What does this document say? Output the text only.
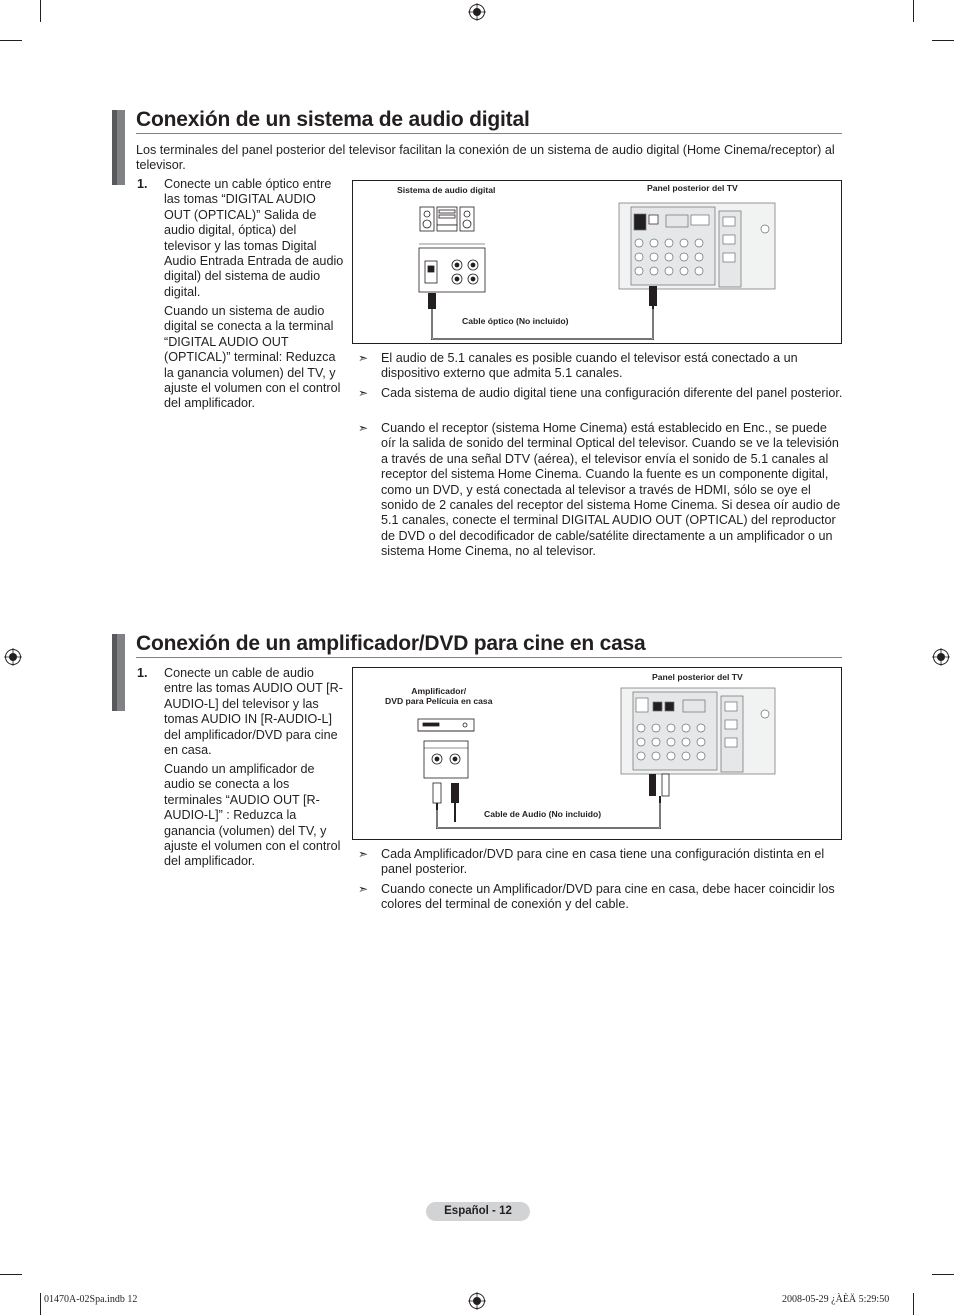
Conexión de un sistema de audio digital
Los terminales del panel posterior del televisor facilitan la conexión de un sistema de audio digital (Home Cinema/receptor) al televisor.
1. Conecte un cable óptico entre las tomas “DIGITAL AUDIO OUT (OPTICAL)” Salida de audio digital, óptica) del televisor y las tomas Digital Audio Entrada Entrada de audio digital) del sistema de audio digital.
Cuando un sistema de audio digital se conecta a la terminal “DIGITAL AUDIO OUT (OPTICAL)” terminal: Reduzca la ganancia volumen) del TV, y ajuste el volumen con el control del amplificador.
Sistema de audio digital	Panel posterior del TV
Cable óptico (No incluido)
➣ El audio de 5.1 canales es posible cuando el televisor está conectado a un dispositivo externo que admita 5.1 canales.
➣ Cada sistema de audio digital tiene una configuración diferente del panel posterior.
➣ Cuando el receptor (sistema Home Cinema) está establecido en Enc., se puede oír la salida de sonido del terminal Optical del televisor. Cuando se ve la televisión a través de una señal DTV (aérea), el televisor envía el sonido de 5.1 canales al receptor del sistema Home Cinema. Cuando la fuente es un componente digital, como un DVD, y está conectada al televisor a través de HDMI, sólo se oye el sonido de 2 canales del receptor del sistema Home Cinema. Si desea oír audio de 5.1 canales, conecte el terminal DIGITAL AUDIO OUT (OPTICAL) del reproductor de DVD o del decodificador de cable/satélite directamente a un amplificador o un sistema Home Cinema, no al televisor.
Conexión de un amplificador/DVD para cine en casa
1. Conecte un cable de audio entre las tomas AUDIO OUT [R-AUDIO-L] del televisor y las tomas AUDIO IN [R-AUDIO-L] del amplificador/DVD para cine en casa.
Cuando un amplificador de audio se conecta a los terminales “AUDIO OUT [R-AUDIO-L]” : Reduzca la ganancia (volumen) del TV, y ajuste el volumen con el control del amplificador.
Amplificador/
DVD para Pelícuia en casa
Panel posterior del TV
Cable de Audio (No incluido)
➣ Cada Amplificador/DVD para cine en casa tiene una configuración distinta en el panel posterior.
➣ Cuando conecte un Amplificador/DVD para cine en casa, debe hacer coincidir los colores del terminal de conexión y del cable.
Español - 12
01470A-02Spa.indb 12	2008-05-29 ¿ÀÈÄ 5:29:50
